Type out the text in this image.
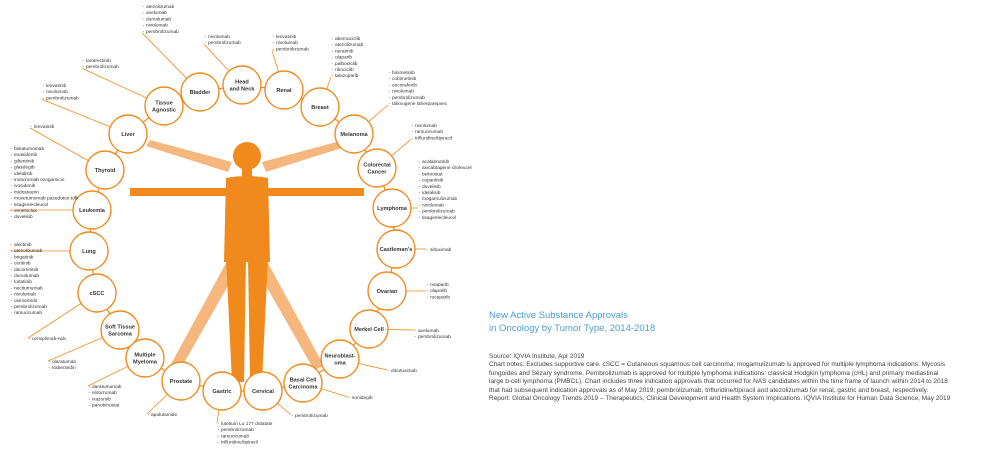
Bladder
Head
and Neck	Renal
Breast
Melanoma
Colorectal
Cancer
Lymphoma
Castleman's
Ovarian
Merkel Cell
Neuroblast-
oma
Basal Cell
Carcinoma
Cervical
Gastric
Prostate
Multiple
Myeloma
Soft Tissue
Sarcoma
cSCC
Lung
Leukemia
Thyroid
Liver
Tissue
Agnostic
- atezolizumab
- avelumab
- durvalumab
- nivolumab
- pembrolizumab
- nivolumab
- pembrolizumab
- lenvatinib
- nivolumab
- pembrolizumab
- abemaciclib
- atezolizumab
- neratinib
- olaparib
- palbociclib
- ribociclib
- talazoparib
- binimetinib
- cobimetinib
- encorafenib
- nivolumab
- pembrolizumab
- talimogene laherparepvec
- nivolumab
- ramucirumab
- trifluridine/tipiracil
- acalabrutinib
- axicabtagene ciloleucel
- belinostat
- copanlisib
- duvelisib
- idelalisib
- mogamulizumab
- nivolumab
- pembrolizumab
- tisagenlecleucel
- siltuximab
- niraparib
- olaparib
- rucaparib
- avelumab
- pembrolizumab
- dinutuximab
- sonidegib
- pembrolizumab
- lutetium Lu 177 dotatate
- pembrolizumab
- ramucirumab
- trifluridine/tipiracil
- apalutamide
- daratumumab
- elotuzumab
- ixazomib
- panobinostat
- olaratumab
- trabectedin
- cemiplimab-rwlc
- alectinib
- atezolizumab
- brigatinib
- ceritinib
- dacomitinib
- durvalumab
- lorlatinib
- necitumumab
- nivolumab
- osimertinib
- pembrolizumab
- ramucirumab
- blinatumomab
- enasidenib
- gilteritinib
- glasdegib
- idelalisib
- inotuzumab ozogamicin
- ivosidenib
- midostaurin
- moxetumomab pasudotox-tdfk
- tisagenlecleucel
- venetoclax
- duvelisib
- lenvatinib
- lenvatinib
- nivolumab
- pembrolizumab
- larotrectinib
- pembrolizumab
New Active Substance Approvals
in Oncology by Tumor Type, 2014-2018
Source: IQVIA Institute, Apr 2019
Chart notes: Excludes supportive care. cSCC = Cutaneous squamous cell carcinoma; mogamulizumab is approved for multiple lymphoma indications: Mycosis
fungoides and Sézary syndrome. Pembrolizumab is approved for multiple lymphoma indications: classical Hodgkin lymphoma (cHL) and primary mediastinal
large b-cell lymphoma (PMBCL). Chart includes three indication approvals that occurred for NAS candidates within the time frame of launch within 2014 to 2018
that had subsequent indication approvals as of May 2019; pembrolizumab, trifluridine/tipiracil and atezolizumab for renal, gastric and breast, respectively.
Report: Global Oncology Trends 2019 – Therapeutics, Clinical Development and Health System Implications. IQVIA Institute for Human Data Science, May 2019
